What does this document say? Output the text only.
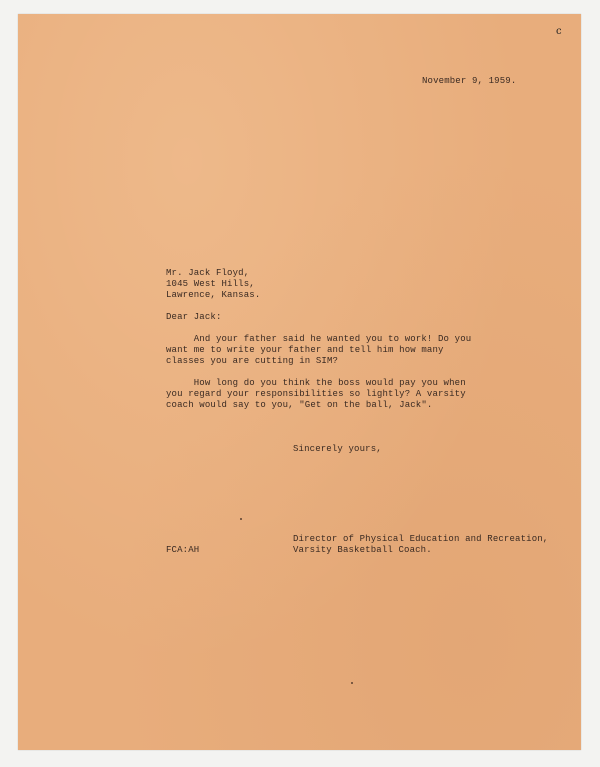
c

November 9, 1959.

Mr. Jack Floyd,

1045 West Hills,

Lawrence, Kansas.

Dear Jack:

And your father said he wanted you to work! Do you

want me to write your father and tell him how many

classes you are cutting in SIM?

How long do you think the boss would pay you when

you regard your responsibilities so lightly? A varsity

coach would say to you, "Get on the ball, Jack".

Sincerely yours,

Director of Physical Education and Recreation,

Varsity Basketball Coach.

FCA:AH
